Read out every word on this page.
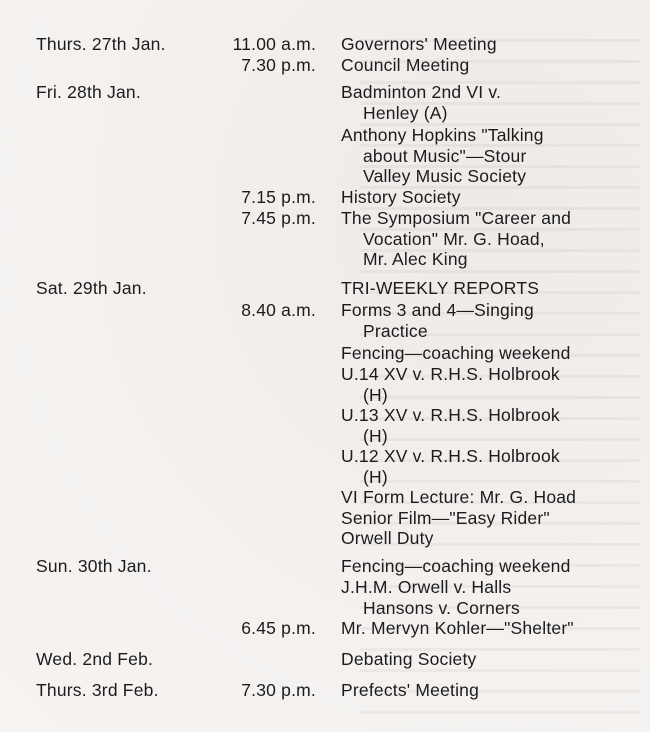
Thurs. 27th Jan.	11.00 a.m. Governors' Meeting
7.30 p.m. Council Meeting
Fri. 28th Jan.	Badminton 2nd VI v.
Henley (A)
Anthony Hopkins "Talking
about Music"—Stour
Valley Music Society
7.15 p.m. History Society
7.45 p.m. The Symposium "Career and
Vocation" Mr. G. Hoad,
Mr. Alec King
Sat. 29th Jan.	TRI-WEEKLY REPORTS
8.40 a.m. Forms 3 and 4—Singing
Practice
Fencing—coaching weekend
U.14 XV v. R.H.S. Holbrook
(H)
U.13 XV v. R.H.S. Holbrook
(H)
U.12 XV v. R.H.S. Holbrook
(H)
VI Form Lecture: Mr. G. Hoad
Senior Film—"Easy Rider"
Orwell Duty
Sun. 30th Jan.	Fencing—coaching weekend
J.H.M. Orwell v. Halls
Hansons v. Corners
6.45 p.m. Mr. Mervyn Kohler—"Shelter"
Wed. 2nd Feb.	Debating Society
Thurs. 3rd Feb.	7.30 p.m. Prefects' Meeting
